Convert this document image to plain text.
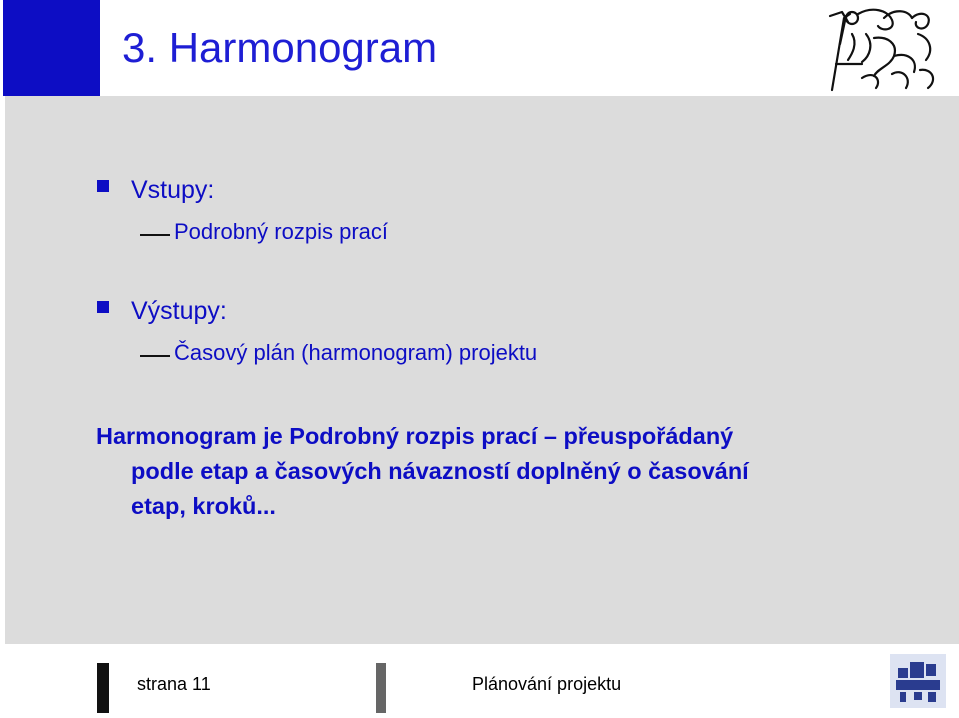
3. Harmonogram
Vstupy:
Podrobný rozpis prací
Výstupy:
Časový plán (harmonogram) projektu
Harmonogram je Podrobný rozpis prací – přeuspořádaný
podle etap a časových návazností doplněný o časování
etap, kroků...
strana 11	Plánování projektu
